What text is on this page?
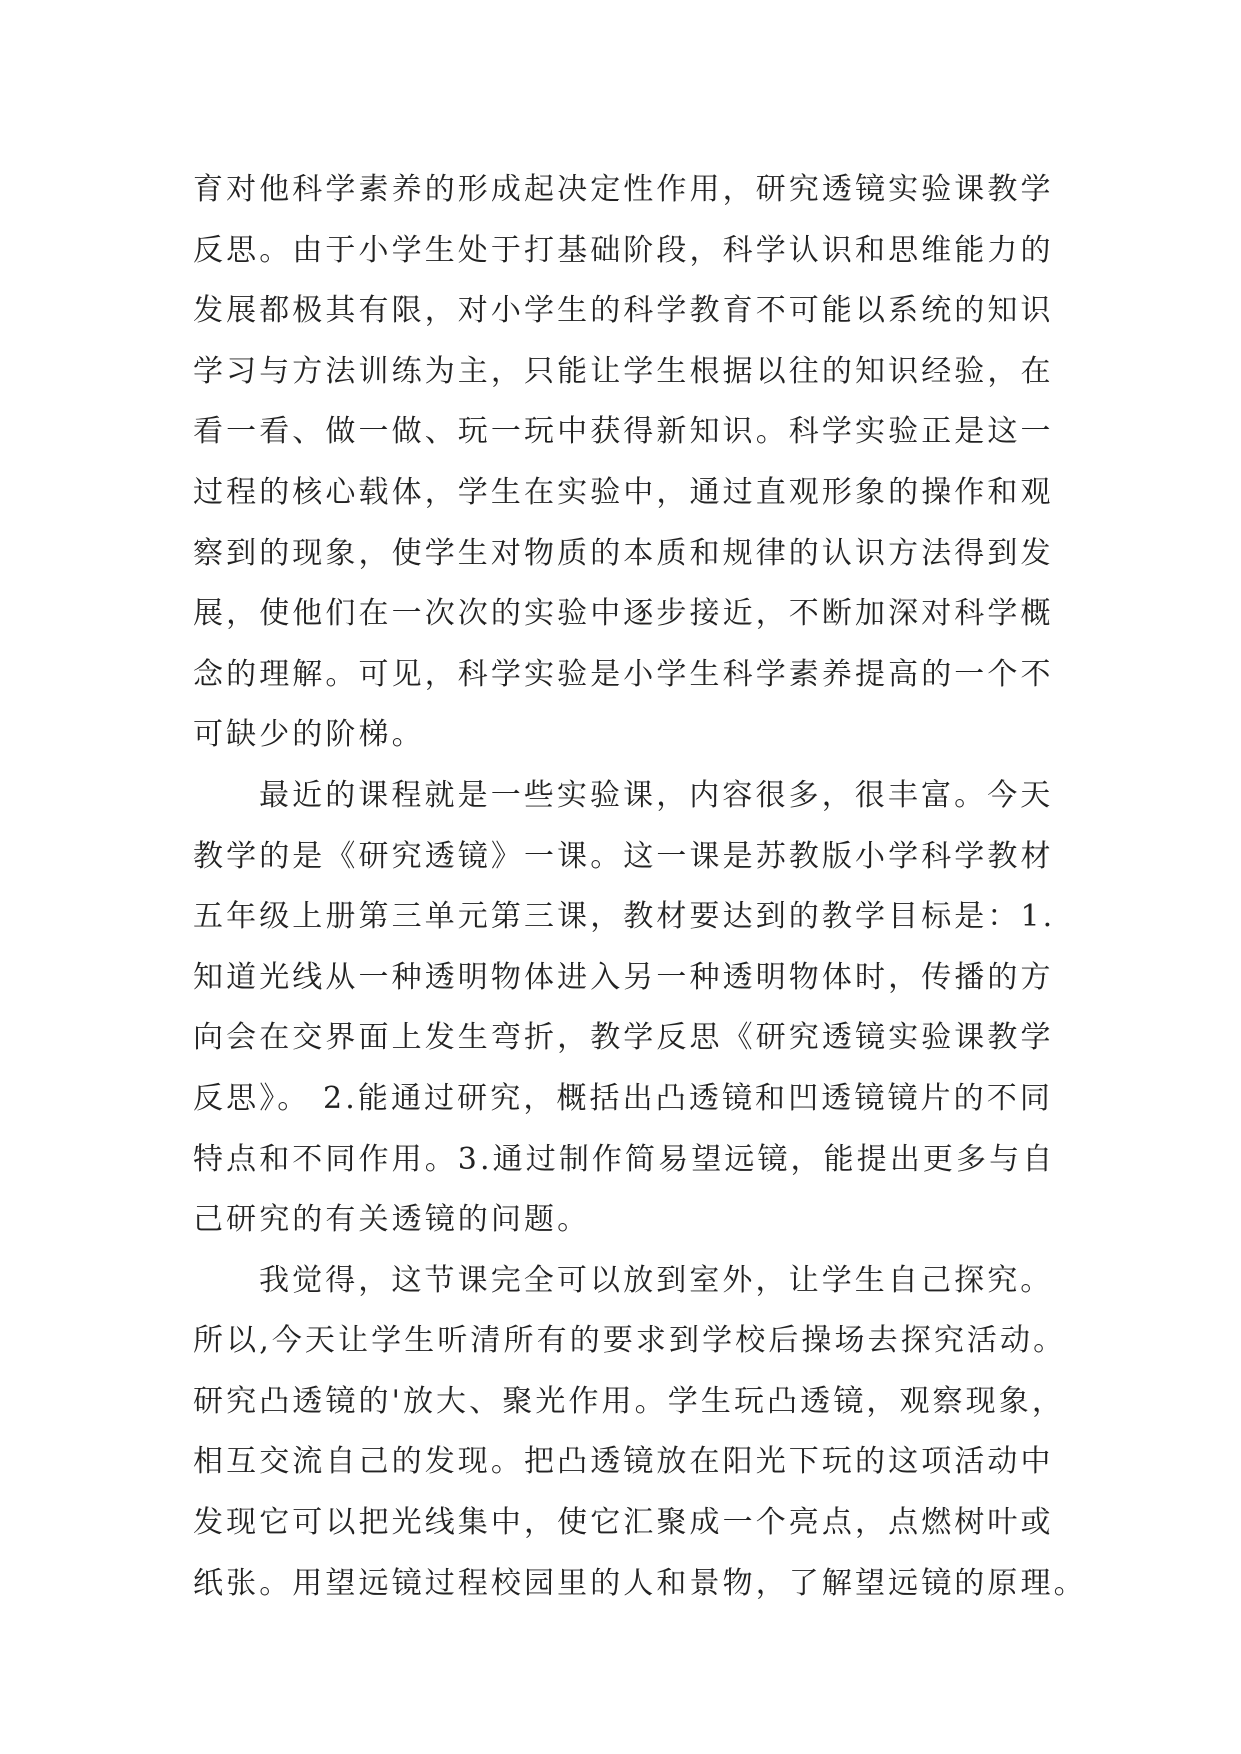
育对他科学素养的形成起决定性作用，研究透镜实验课教学
反思。由于小学生处于打基础阶段，科学认识和思维能力的
发展都极其有限，对小学生的科学教育不可能以系统的知识
学习与方法训练为主，只能让学生根据以往的知识经验，在
看一看、做一做、玩一玩中获得新知识。科学实验正是这一
过程的核心载体，学生在实验中，通过直观形象的操作和观
察到的现象，使学生对物质的本质和规律的认识方法得到发
展，使他们在一次次的实验中逐步接近，不断加深对科学概
念的理解。可见，科学实验是小学生科学素养提高的一个不
可缺少的阶梯。
最近的课程就是一些实验课，内容很多，很丰富。今天
教学的是《研究透镜》一课。这一课是苏教版小学科学教材
五年级上册第三单元第三课，教材要达到的教学目标是：1.
知道光线从一种透明物体进入另一种透明物体时，传播的方
向会在交界面上发生弯折，教学反思《研究透镜实验课教学
反思》。 2.能通过研究，概括出凸透镜和凹透镜镜片的不同
特点和不同作用。3.通过制作简易望远镜，能提出更多与自
己研究的有关透镜的问题。
我觉得，这节课完全可以放到室外，让学生自己探究。
所以,今天让学生听清所有的要求到学校后操场去探究活动。
研究凸透镜的'放大、聚光作用。学生玩凸透镜，观察现象，
相互交流自己的发现。把凸透镜放在阳光下玩的这项活动中
发现它可以把光线集中，使它汇聚成一个亮点，点燃树叶或
纸张。用望远镜过程校园里的人和景物，了解望远镜的原理。
